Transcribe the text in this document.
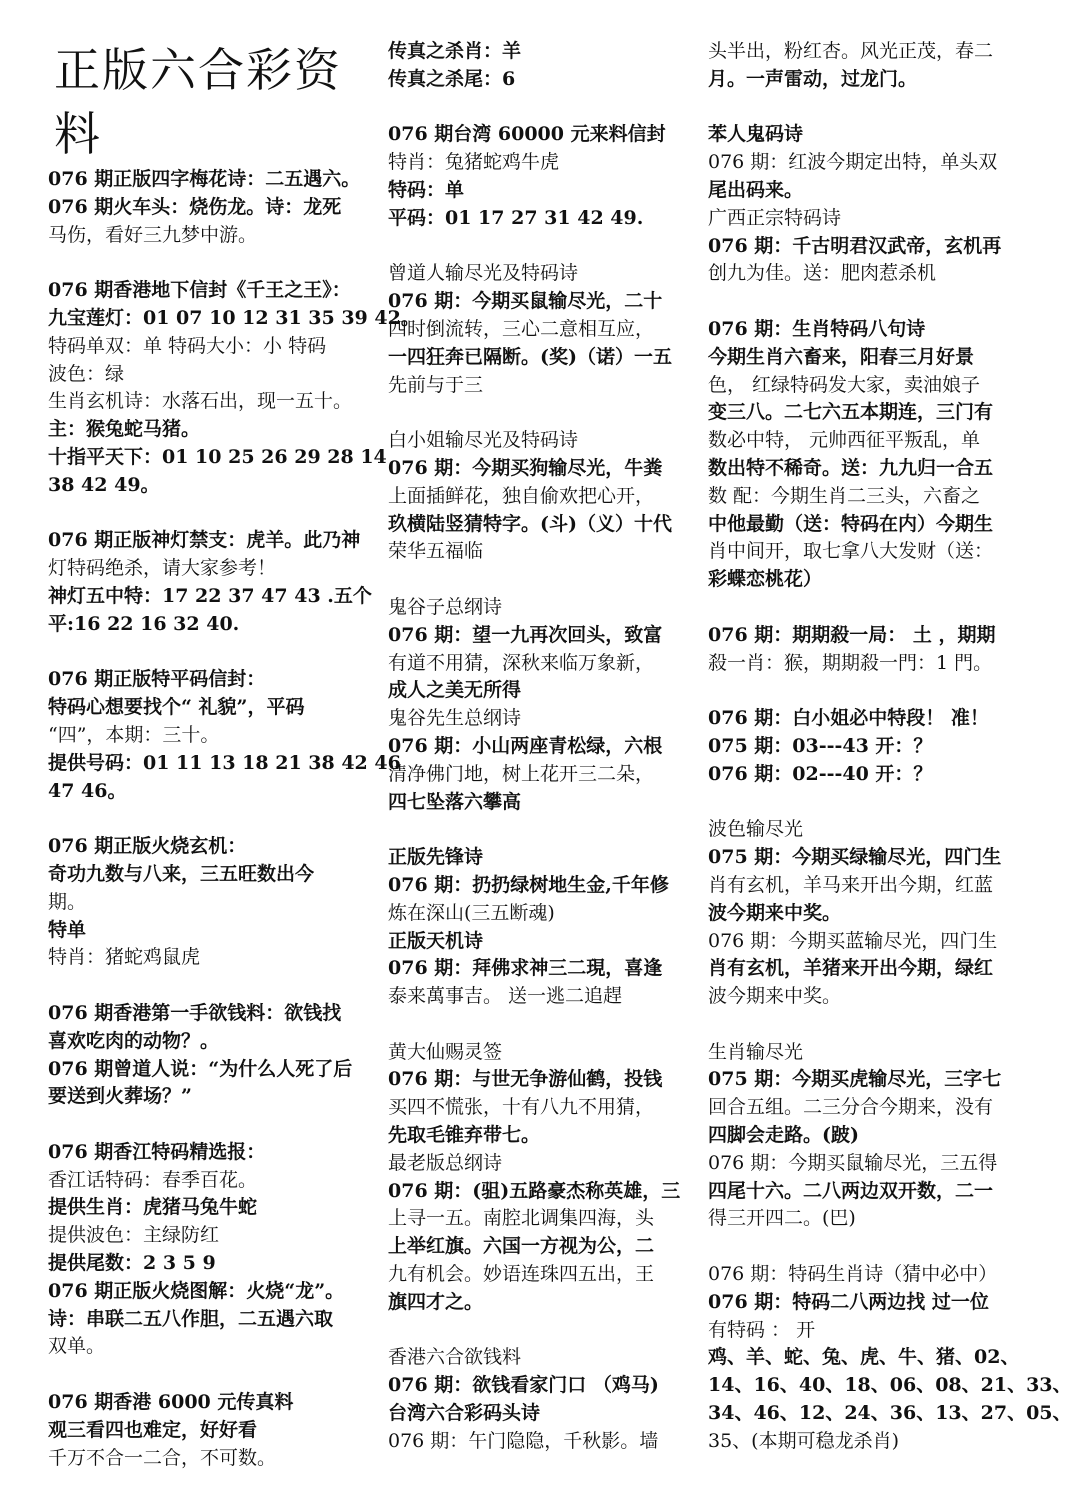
正版六合彩资
料
076 期正版四字梅花诗：二五遇六。
076 期火车头：烧伤龙。诗：龙死
马伤，看好三九梦中游。
076 期香港地下信封《千王之王》：
九宝莲灯：01 07 10 12 31 35 39 42。
特码单双：单 特码大小：小 特码
波色：绿
生肖玄机诗：水落石出，现一五十。
主：猴兔蛇马猪。
十指平天下：01 10 25 26 29 28 14
38 42 49。
076 期正版神灯禁支：虎羊。此乃神
灯特码绝杀，请大家参考！
神灯五中特：17 22 37 47 43 .五个
平:16 22 16 32 40.
076 期正版特平码信封：
特码心想要找个“ 礼貌”，平码
“四”，本期：三十。
提供号码：01 11 13 18 21 38 42 46
47 46。
076 期正版火烧玄机：
奇功九数与八来，三五旺数出今
期。
特单
特肖：猪蛇鸡鼠虎
076 期香港第一手欲钱料：欲钱找
喜欢吃肉的动物？。
076 期曾道人说：“为什么人死了后
要送到火葬场？”
076 期香江特码精选报：
香江话特码：春季百花。
提供生肖：虎猪马兔牛蛇
提供波色：主绿防红
提供尾数：2 3 5 9
076 期正版火烧图解：火烧“龙”。
诗：串联二五八作胆，二五遇六取
双单。
076 期香港 6000 元传真料
观三看四也难定，好好看
千万不合一二合，不可数。
传真之杀肖：羊
传真之杀尾：6
076 期台湾 60000 元来料信封
特肖：兔猪蛇鸡牛虎
特码：单
平码：01 17 27 31 42 49.
曾道人输尽光及特码诗
076 期：今期买鼠输尽光，二十
四时倒流转，三心二意相互应，
一四狂奔已隔断。(奖)（诺）一五
先前与于三
白小姐输尽光及特码诗
076 期：今期买狗输尽光，牛粪
上面插鲜花，独自偷欢把心开，
玖横陆竖猜特字。(斗)（义）十代
荣华五福临
鬼谷子总纲诗
076 期：望一九再次回头，致富
有道不用猜，深秋来临万象新，
成人之美无所得
鬼谷先生总纲诗
076 期：小山两座青松绿，六根
清净佛门地，树上花开三二朵，
四七坠落六攀高
正版先锋诗
076 期：扔扔绿树地生金,千年修
炼在深山(三五断魂)
正版天机诗
076 期：拜佛求神三二現，喜逢
泰来萬事吉。 送一逃二追趕
黄大仙赐灵签
076 期：与世无争游仙鹤，投钱
买四不慌张，十有八九不用猜，
先取毛锥弃带七。
最老版总纲诗
076 期：(驵)五路豪杰称英雄，三
上寻一五。南腔北调集四海，头
上举红旗。六国一方视为公，二
九有机会。妙语连珠四五出，王
旗四才之。
香港六合欲钱料
076 期：欲钱看家门口 （鸡马)
台湾六合彩码头诗
076 期：午门隐隐，千秋影。墙
头半出，粉红杏。风光正茂，春二
月。一声雷动，过龙门。
苯人鬼码诗
076 期：红波今期定出特，单头双
尾出码来。
广西正宗特码诗
076 期：千古明君汉武帝，玄机再
创九为佳。送：肥肉惹杀机
076 期：生肖特码八句诗
今期生肖六畜来，阳春三月好景
色， 红绿特码发大家，卖油娘子
变三八。二七六五本期连，三门有
数必中特， 元帅西征平叛乱，单
数出特不稀奇。送：九九归一合五
数 配：今期生肖二三头，六畜之
中他最勤（送：特码在内）今期生
肖中间开，取七拿八大发财（送：
彩蝶恋桃花）
076 期：期期殺一局： 土 ，期期
殺一肖：猴，期期殺一門：1 門。
076 期：白小姐必中特段！ 准！
075 期：03---43 开：？
076 期：02---40 开：？
波色输尽光
075 期：今期买绿输尽光，四门生
肖有玄机，羊马来开出今期，红蓝
波今期来中奖。
076 期：今期买蓝输尽光，四门生
肖有玄机，羊猪来开出今期，绿红
波今期来中奖。
生肖输尽光
075 期：今期买虎输尽光，三字七
回合五组。二三分合今期来，没有
四脚会走路。(跛)
076 期：今期买鼠输尽光，三五得
四尾十六。二八两边双开数，二一
得三开四二。(巴)
076 期：特码生肖诗（猜中必中）
076 期：特码二八两边找 过一位
有特码 ： 开
鸡、羊、蛇、兔、虎、牛、猪、02、
14、16、40、18、06、08、21、33、
34、46、12、24、36、13、27、05、
35、(本期可稳龙杀肖)
